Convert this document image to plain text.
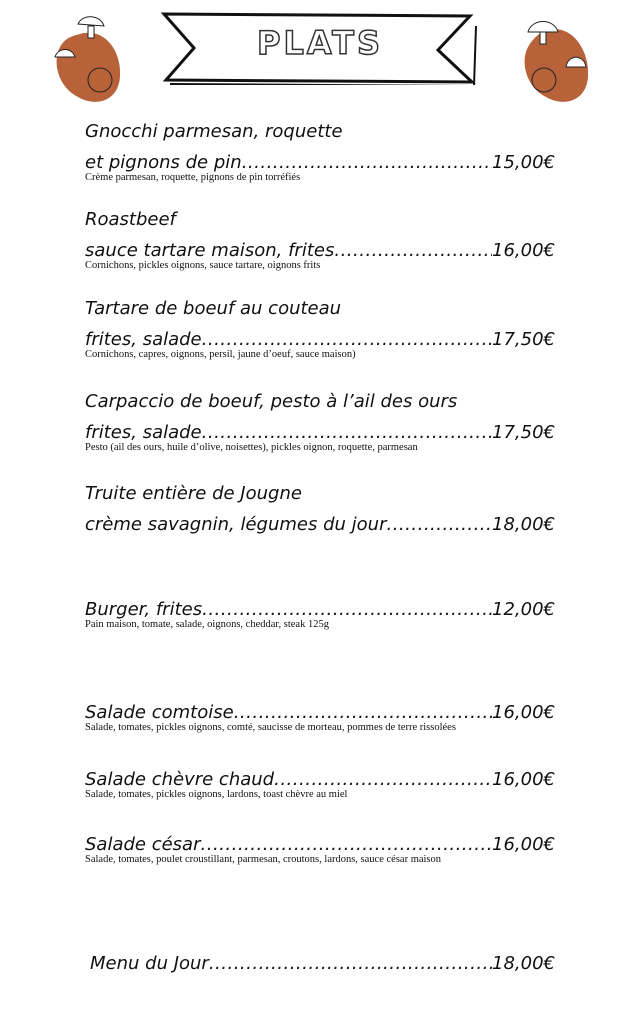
PLATS
Gnocchi parmesan, roquette
et pignons de pin .....	15,00€
Crème parmesan, roquette, pignons de pin torréfiés
Roastbeef
sauce tartare maison, frites .....	16,00€
Cornichons, pickles oignons, sauce tartare, oignons frits
Tartare de boeuf au couteau
frites, salade .....	17,50€
Cornichons, capres, oignons, persil, jaune d’oeuf, sauce maison)
Carpaccio de boeuf, pesto à l’ail des ours
frites, salade .....	17,50€
Pesto (ail des ours, huile d’olive, noisettes), pickles oignon, roquette, parmesan
Truite entière de Jougne
crème savagnin, légumes du jour .....	18,00€
Burger, frites .....	12,00€
Pain maison, tomate, salade, oignons, cheddar, steak 125g
Salade comtoise .....	16,00€
Salade, tomates, pickles oignons, comté, saucisse de morteau, pommes de terre rissolées
Salade chèvre chaud .....	16,00€
Salade, tomates, pickles oignons, lardons, toast chèvre au miel
Salade césar .....	16,00€
Salade, tomates, poulet croustillant, parmesan, croutons, lardons, sauce césar maison
Menu du Jour .....	18,00€
